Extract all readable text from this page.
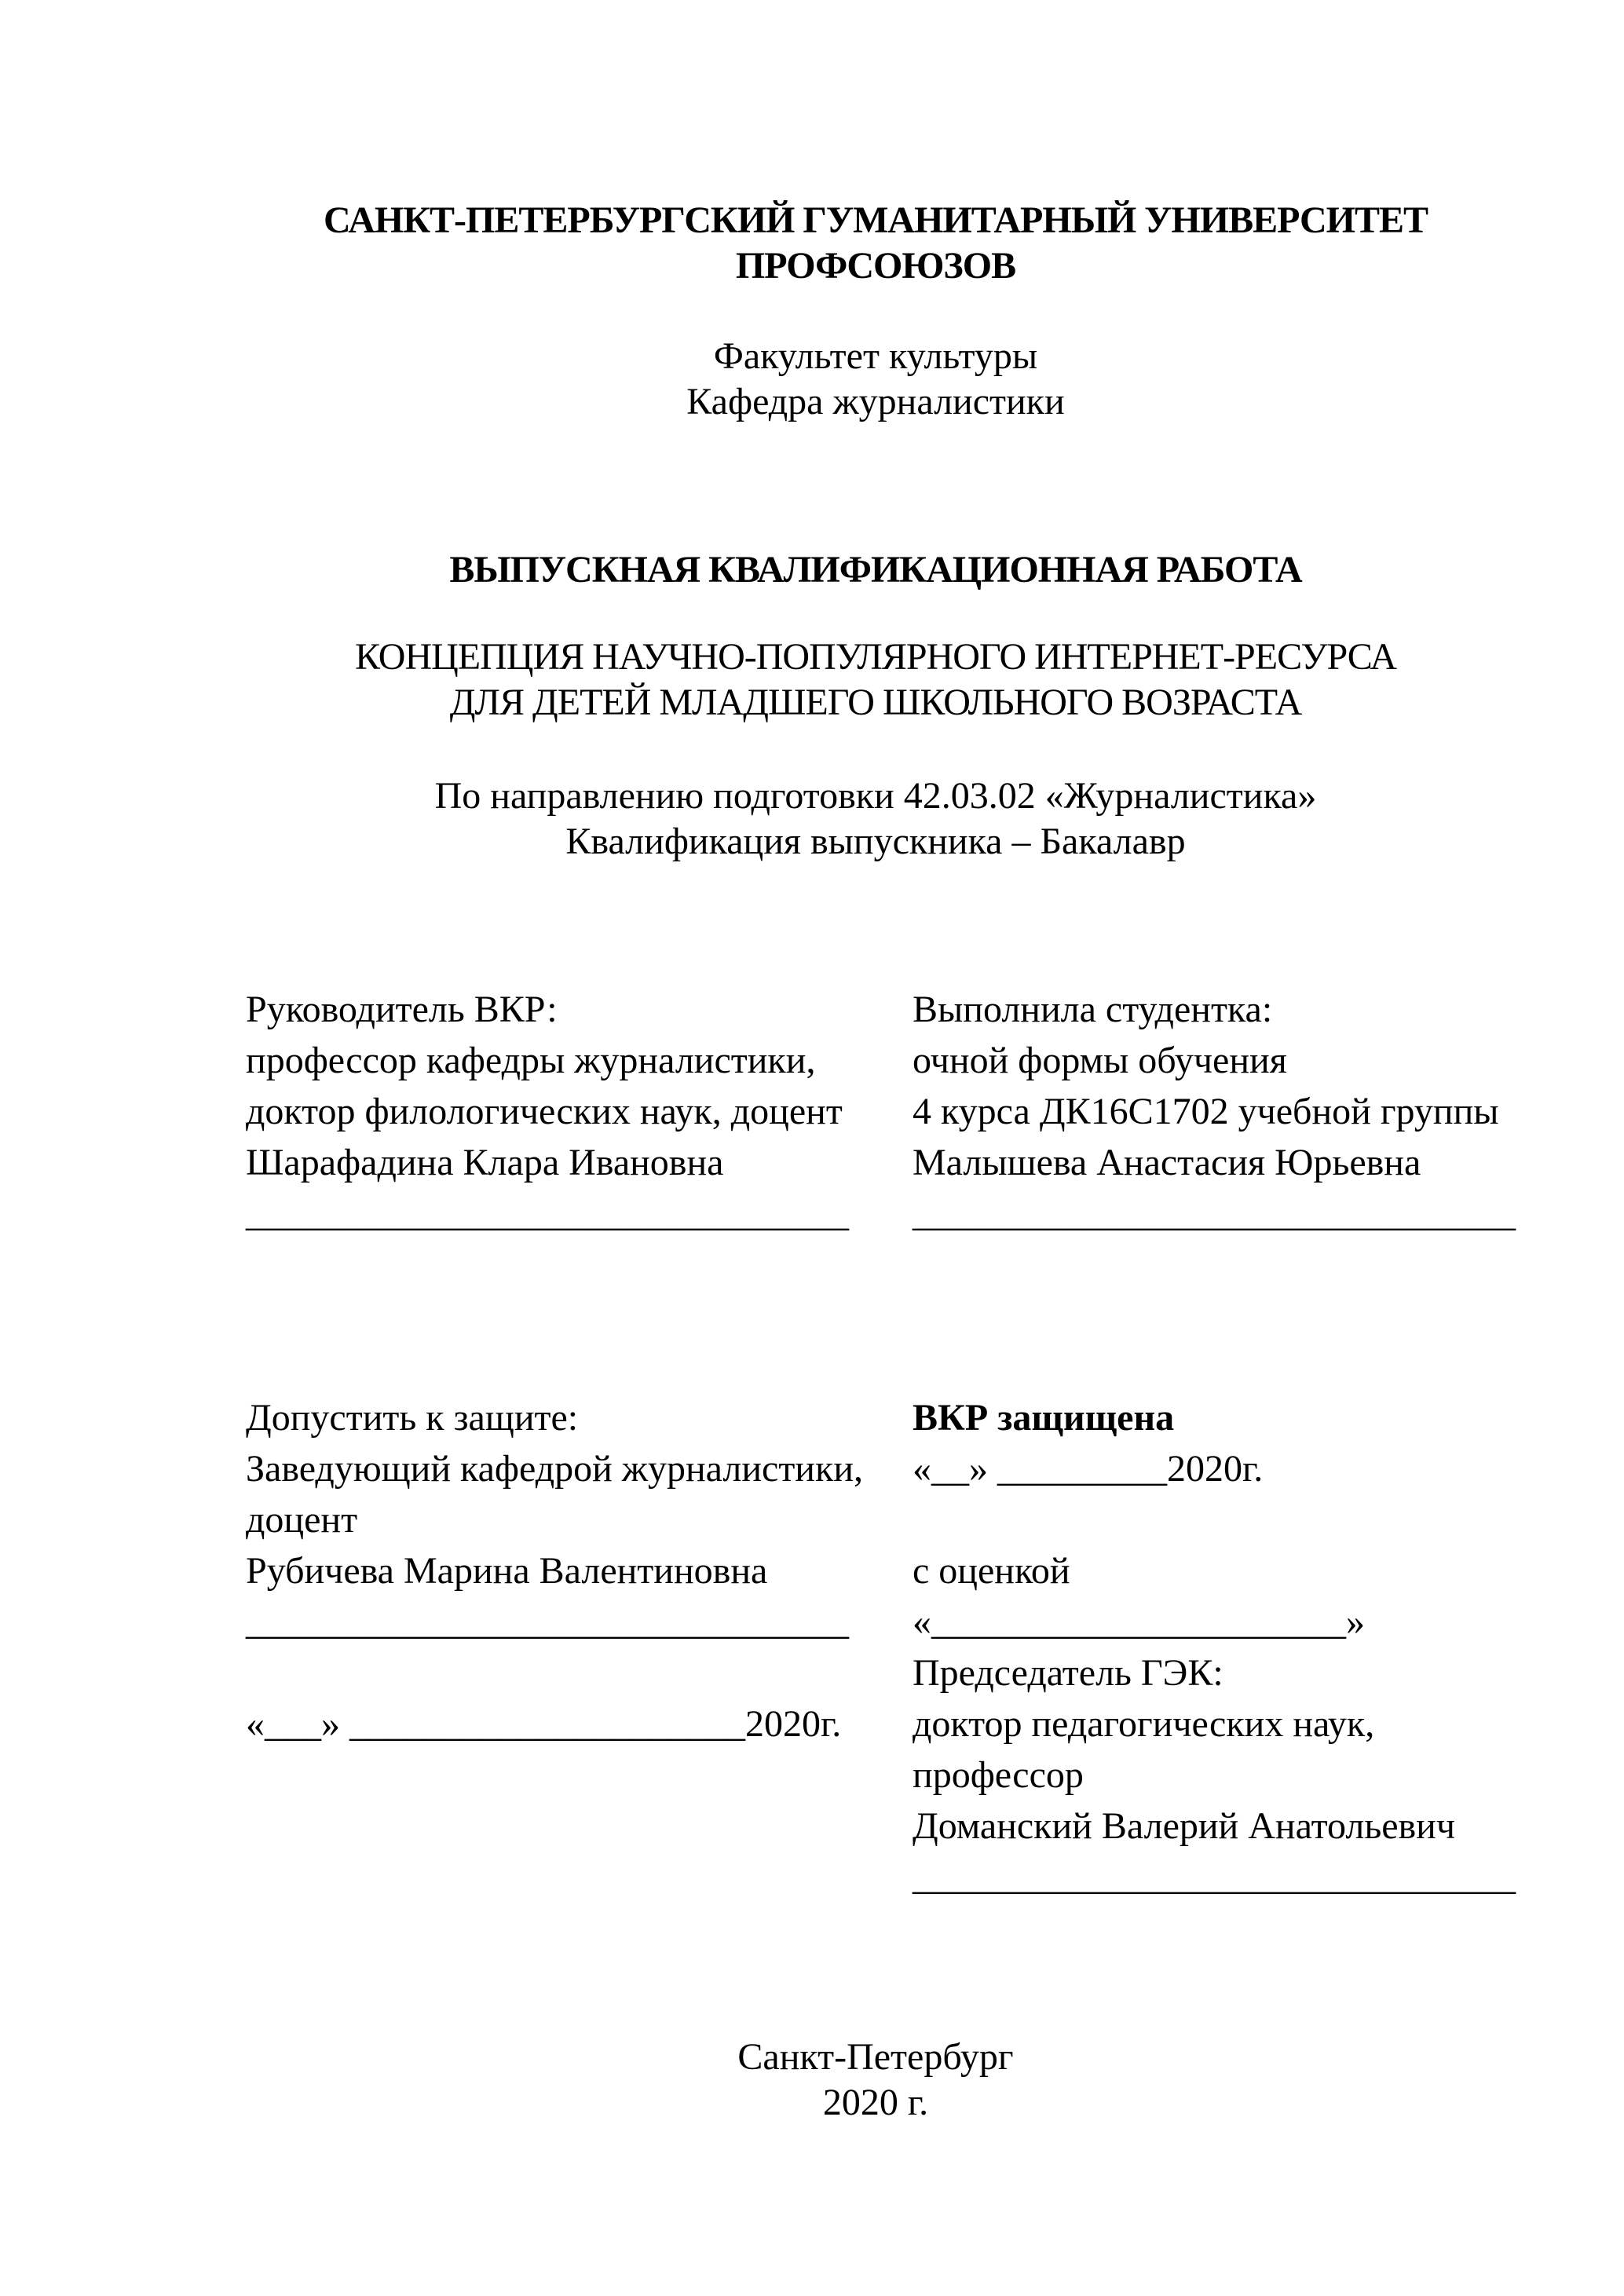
САНКТ-ПЕТЕРБУРГСКИЙ ГУМАНИТАРНЫЙ УНИВЕРСИТЕТ
ПРОФСОЮЗОВ
Факультет культуры
Кафедра журналистики
ВЫПУСКНАЯ КВАЛИФИКАЦИОННАЯ РАБОТА
КОНЦЕПЦИЯ НАУЧНО-ПОПУЛЯРНОГО ИНТЕРНЕТ-РЕСУРСА
ДЛЯ ДЕТЕЙ МЛАДШЕГО ШКОЛЬНОГО ВОЗРАСТА
По направлению подготовки 42.03.02 «Журналистика»
Квалификация выпускника – Бакалавр
Руководитель ВКР:
профессор кафедры журналистики,
доктор филологических наук, доцент
Шарафадина Клара Ивановна
________________________________
Выполнила студентка:
очной формы обучения
4 курса ДК16С1702 учебной группы
Малышева Анастасия Юрьевна
________________________________
Допустить к защите:
Заведующий кафедрой журналистики,
доцент
Рубичева Марина Валентиновна
________________________________

«___» _____________________2020г.
ВКР защищена
«__» _________2020г.

с оценкой
«______________________»
Председатель ГЭК:
доктор педагогических наук,
профессор
Доманский Валерий Анатольевич
________________________________
Санкт-Петербург
2020 г.
